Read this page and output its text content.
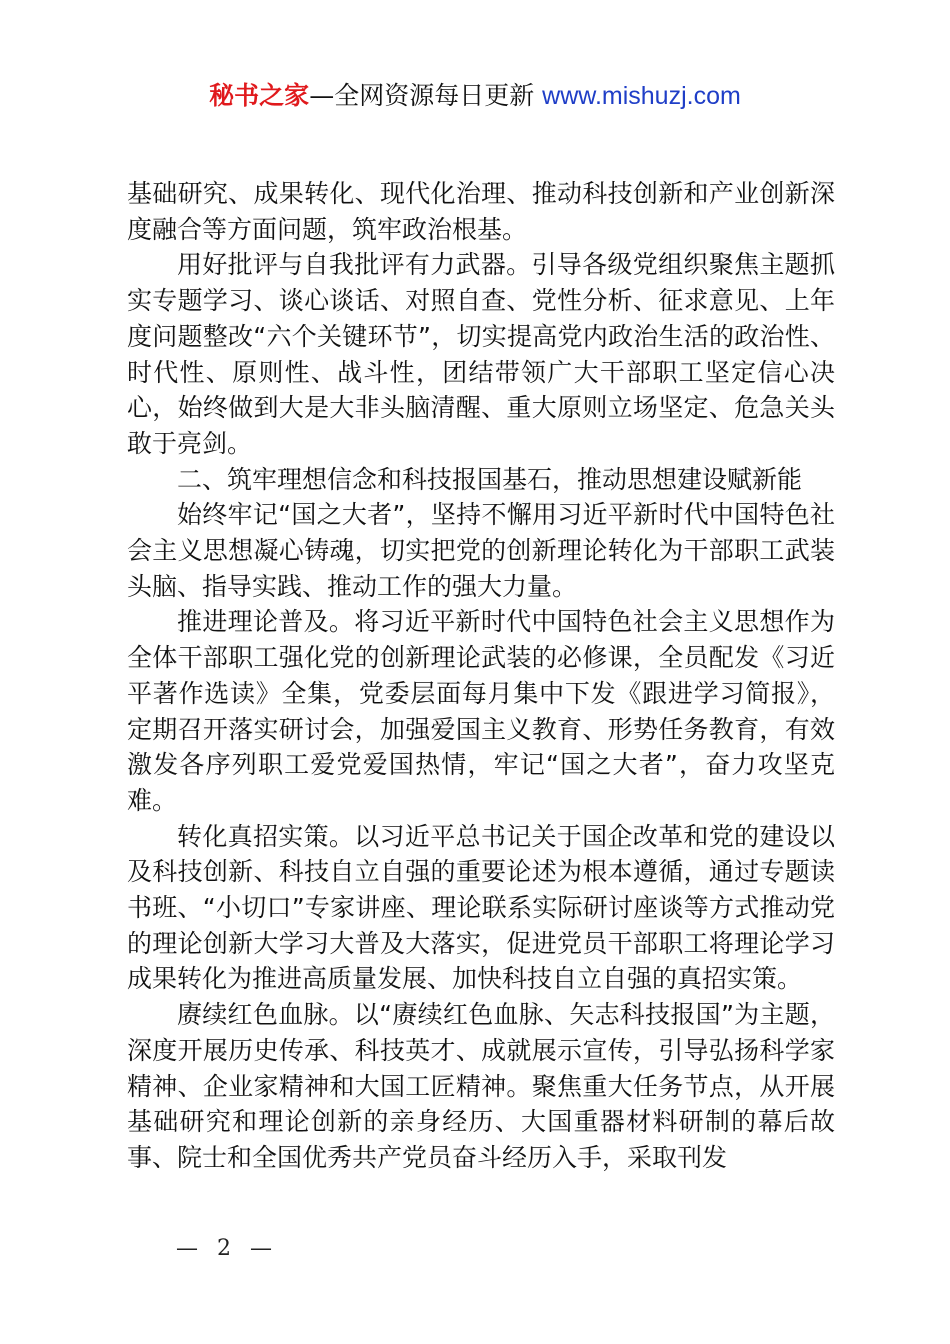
秘书之家—全网资源每日更新 www.mishuzj.com

基础研究、成果转化、现代化治理、推动科技创新和产业创新深度融合等方面问题，筑牢政治根基。

用好批评与自我批评有力武器。引导各级党组织聚焦主题抓实专题学习、谈心谈话、对照自查、党性分析、征求意见、上年度问题整改“六个关键环节”，切实提高党内政治生活的政治性、时代性、原则性、战斗性，团结带领广大干部职工坚定信心决心，始终做到大是大非头脑清醒、重大原则立场坚定、危急关头敢于亮剑。

二、筑牢理想信念和科技报国基石，推动思想建设赋新能

始终牢记“国之大者”，坚持不懈用习近平新时代中国特色社会主义思想凝心铸魂，切实把党的创新理论转化为干部职工武装头脑、指导实践、推动工作的强大力量。

推进理论普及。将习近平新时代中国特色社会主义思想作为全体干部职工强化党的创新理论武装的必修课，全员配发《习近平著作选读》全集，党委层面每月集中下发《跟进学习简报》，定期召开落实研讨会，加强爱国主义教育、形势任务教育，有效激发各序列职工爱党爱国热情，牢记“国之大者”，奋力攻坚克难。

转化真招实策。以习近平总书记关于国企改革和党的建设以及科技创新、科技自立自强的重要论述为根本遵循，通过专题读书班、“小切口”专家讲座、理论联系实际研讨座谈等方式推动党的理论创新大学习大普及大落实，促进党员干部职工将理论学习成果转化为推进高质量发展、加快科技自立自强的真招实策。

赓续红色血脉。以“赓续红色血脉、矢志科技报国”为主题，深度开展历史传承、科技英才、成就展示宣传，引导弘扬科学家精神、企业家精神和大国工匠精神。聚焦重大任务节点，从开展基础研究和理论创新的亲身经历、大国重器材料研制的幕后故事、院士和全国优秀共产党员奋斗经历入手，采取刊发

— 2 —
